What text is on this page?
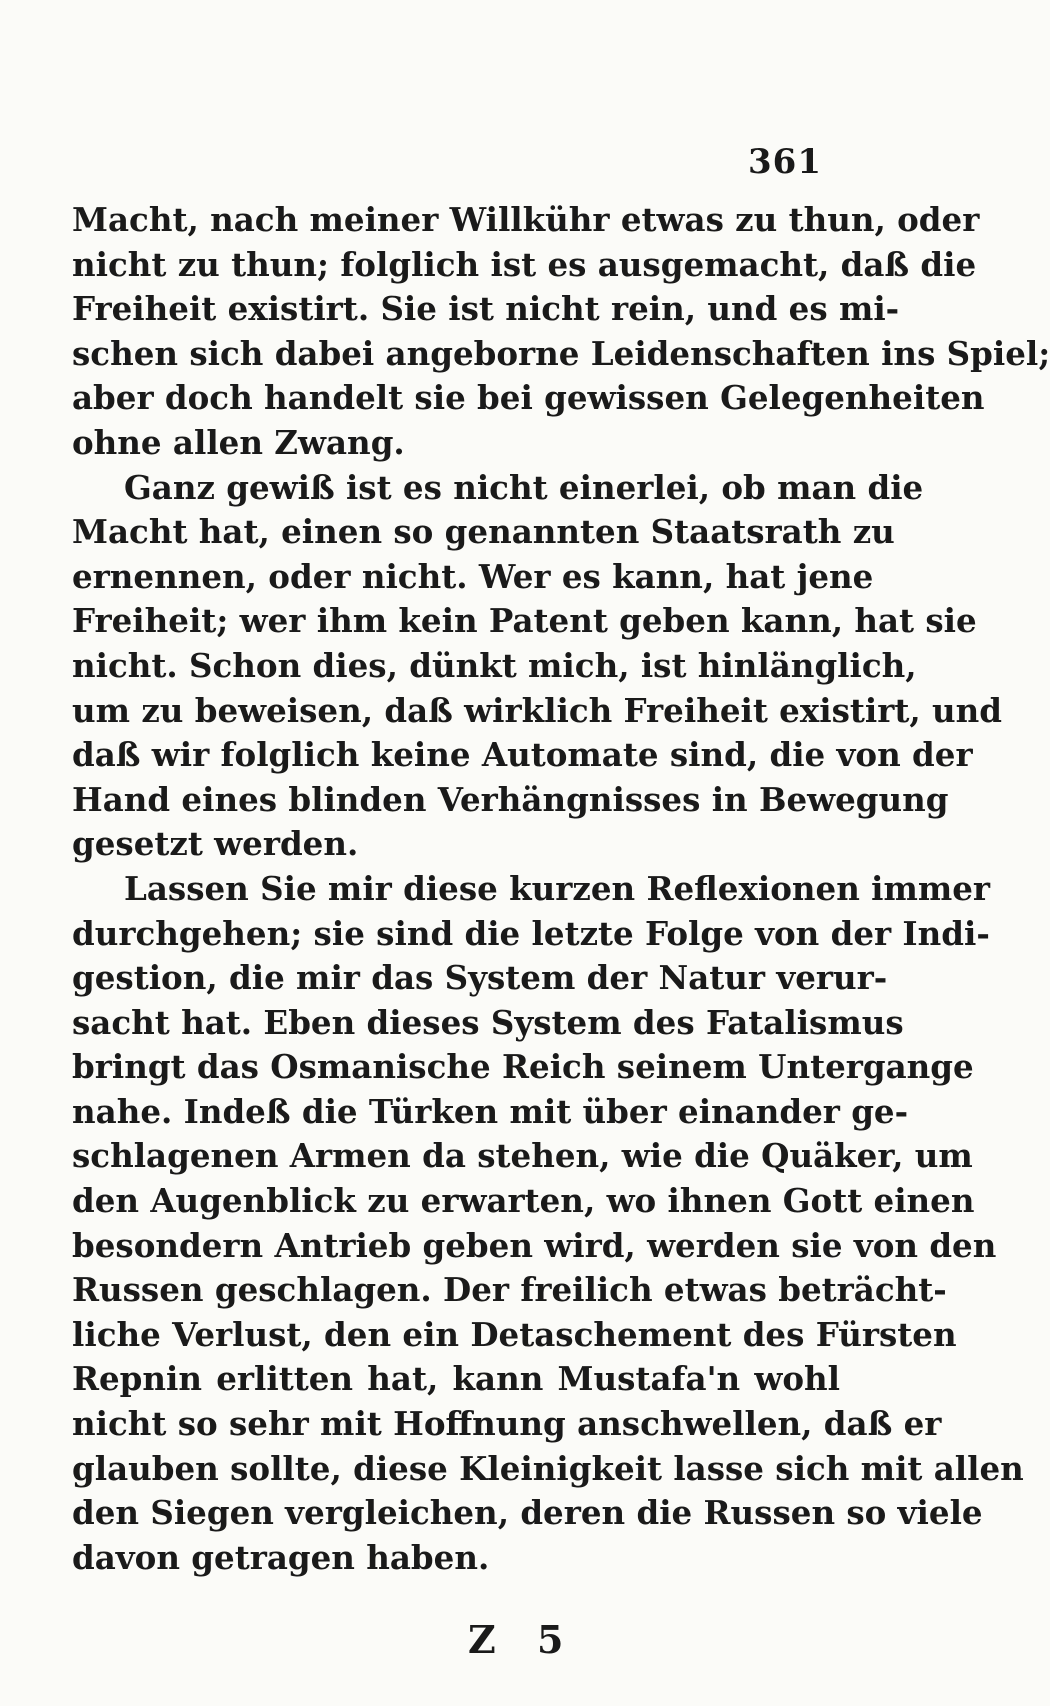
361
Macht, nach meiner Willkühr etwas zu thun, oder
nicht zu thun; folglich ist es ausgemacht, daß die
Freiheit existirt. Sie ist nicht rein, und es mi-
schen sich dabei angeborne Leidenschaften ins Spiel;
aber doch handelt sie bei gewissen Gelegenheiten
ohne allen Zwang.
Ganz gewiß ist es nicht einerlei, ob man die
Macht hat, einen so genannten Staatsrath zu
ernennen, oder nicht. Wer es kann, hat jene
Freiheit; wer ihm kein Patent geben kann, hat sie
nicht. Schon dies, dünkt mich, ist hinlänglich,
um zu beweisen, daß wirklich Freiheit existirt, und
daß wir folglich keine Automate sind, die von der
Hand eines blinden Verhängnisses in Bewegung
gesetzt werden.
Lassen Sie mir diese kurzen Reflexionen immer
durchgehen; sie sind die letzte Folge von der Indi-
gestion, die mir das System der Natur verur-
sacht hat. Eben dieses System des Fatalismus
bringt das Osmanische Reich seinem Untergange
nahe. Indeß die Türken mit über einander ge-
schlagenen Armen da stehen, wie die Quäker, um
den Augenblick zu erwarten, wo ihnen Gott einen
besondern Antrieb geben wird, werden sie von den
Russen geschlagen. Der freilich etwas beträcht-
liche Verlust, den ein Detaschement des Fürsten
Repnin erlitten hat, kann Mustafa'n wohl
nicht so sehr mit Hoffnung anschwellen, daß er
glauben sollte, diese Kleinigkeit lasse sich mit allen
den Siegen vergleichen, deren die Russen so viele
davon getragen haben.
Z 5
